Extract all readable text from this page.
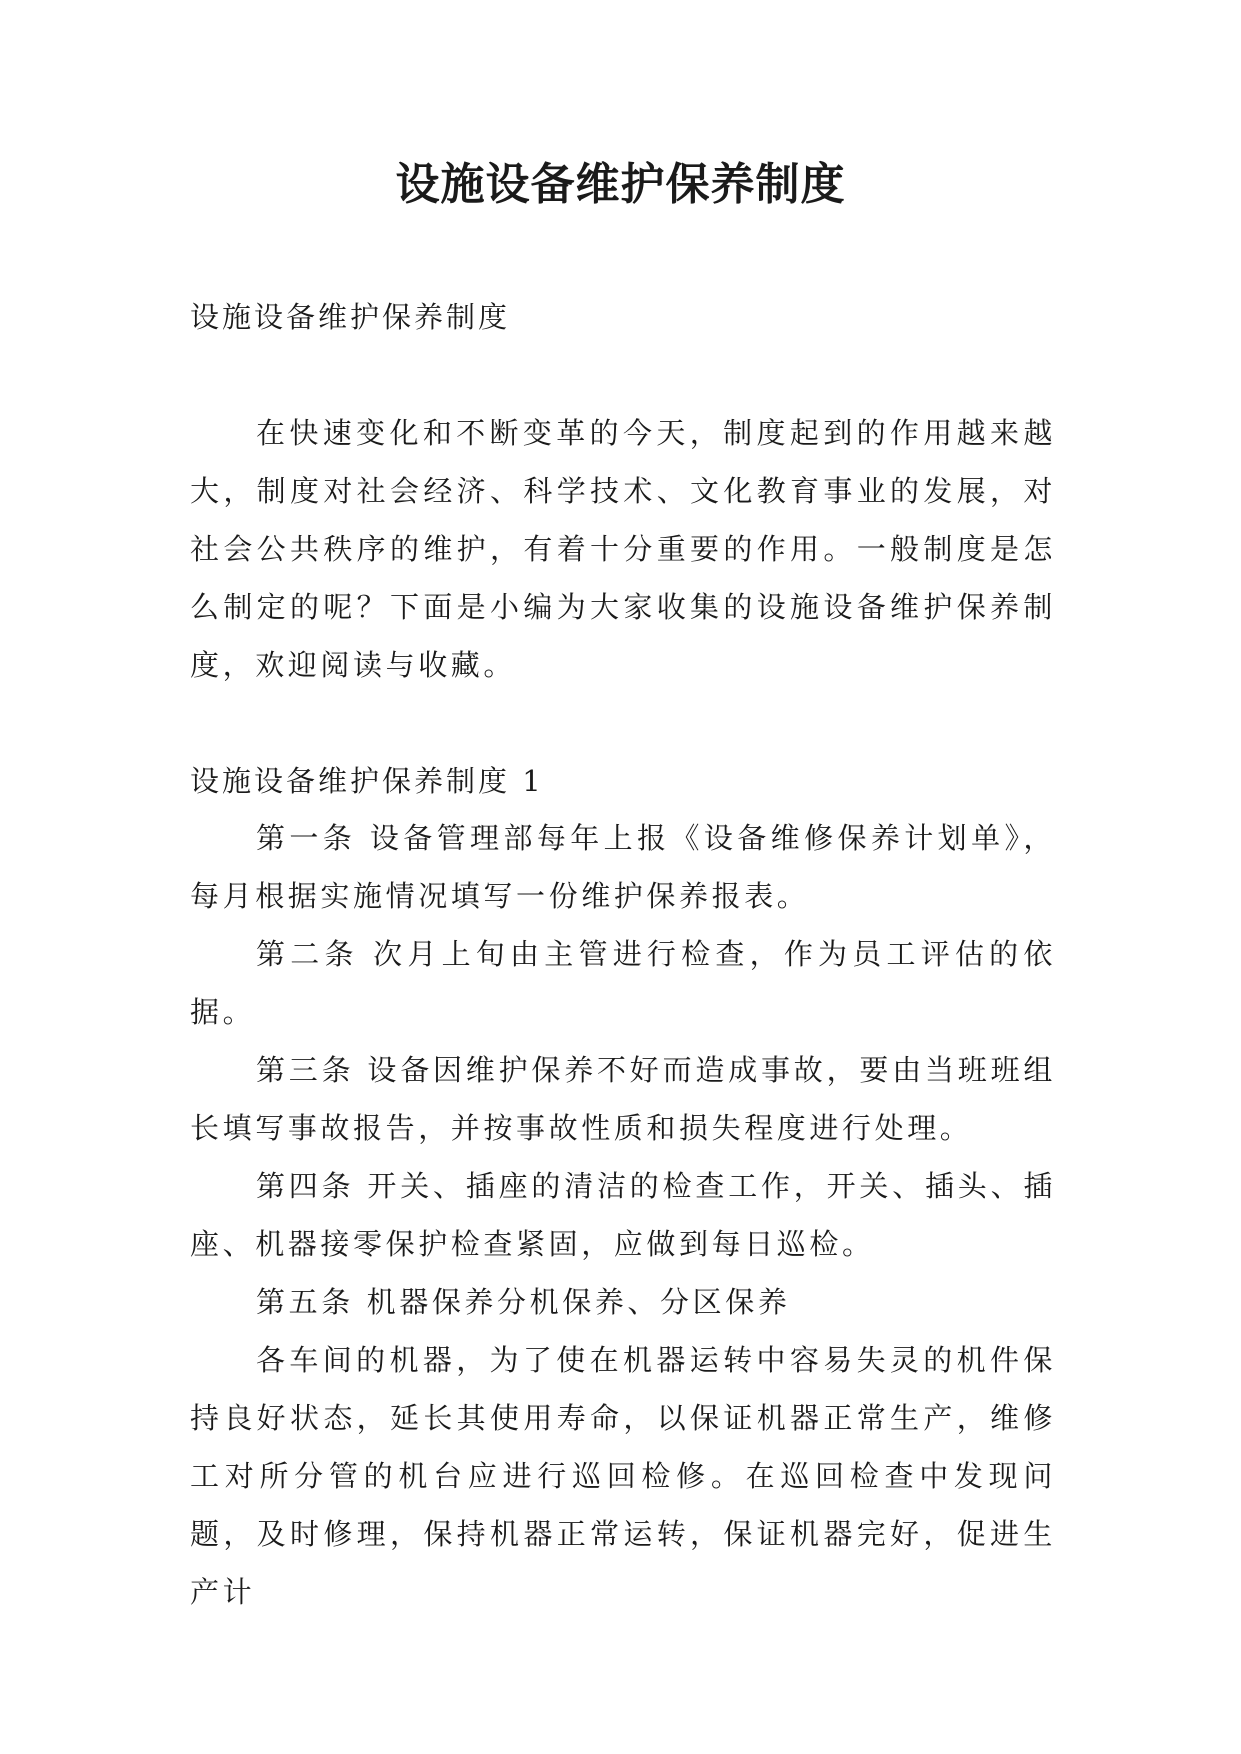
设施设备维护保养制度

设施设备维护保养制度

在快速变化和不断变革的今天，制度起到的作用越来越大，制度对社会经济、科学技术、文化教育事业的发展，对社会公共秩序的维护，有着十分重要的作用。一般制度是怎么制定的呢？下面是小编为大家收集的设施设备维护保养制度，欢迎阅读与收藏。

设施设备维护保养制度 1

第一条 设备管理部每年上报《设备维修保养计划单》，每月根据实施情况填写一份维护保养报表。

第二条 次月上旬由主管进行检查，作为员工评估的依据。

第三条 设备因维护保养不好而造成事故，要由当班班组长填写事故报告，并按事故性质和损失程度进行处理。

第四条 开关、插座的清洁的检查工作，开关、插头、插座、机器接零保护检查紧固，应做到每日巡检。

第五条 机器保养分机保养、分区保养

各车间的机器，为了使在机器运转中容易失灵的机件保持良好状态，延长其使用寿命，以保证机器正常生产，维修工对所分管的机台应进行巡回检修。在巡回检查中发现问题，及时修理，保持机器正常运转，保证机器完好，促进生产计
